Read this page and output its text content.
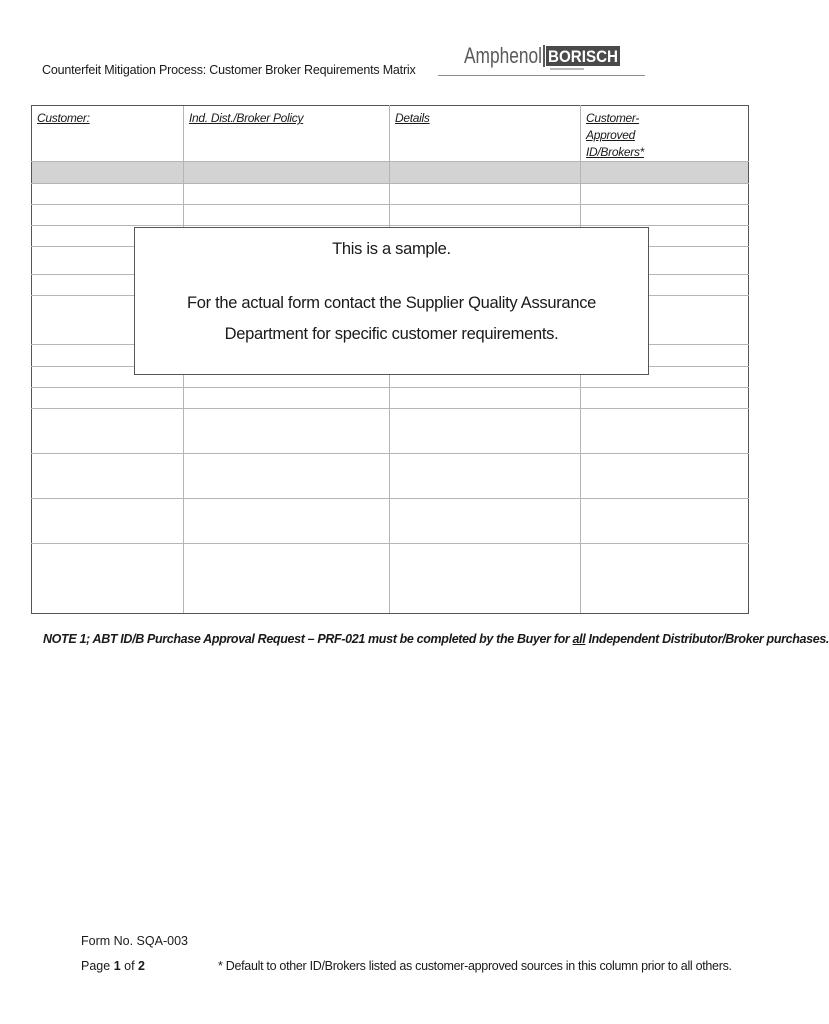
Counterfeit Mitigation Process: Customer Broker Requirements Matrix
Amphenol BORISCH
Customer:	Ind. Dist./Broker Policy	Details	Customer- Approved ID/Brokers*

This is a sample.
For the actual form contact the Supplier Quality Assurance Department for specific customer requirements.
NOTE 1; ABT ID/B Purchase Approval Request – PRF-021 must be completed by the Buyer for all Independent Distributor/Broker purchases.
Form No. SQA-003
Page 1 of 2	* Default to other ID/Brokers listed as customer-approved sources in this column prior to all others.
